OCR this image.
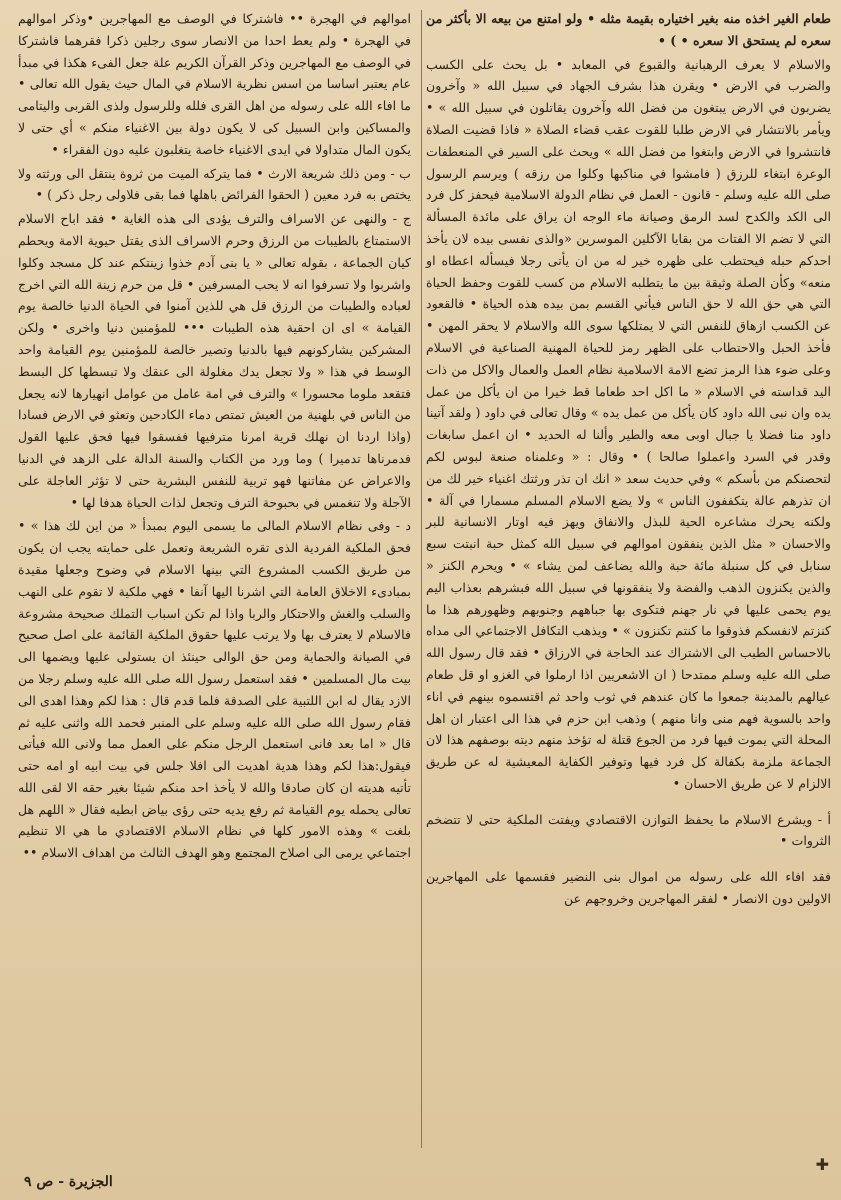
طعام الغير اخذه منه بغير اختياره بقيمة مثله • ولو امتنع من بيعه الا بأكثر من سعره لم يستحق الا سعره • ) •

والاسلام لا يعرف الرهبانية والقبوع في المعابد • بل يحث على الكسب والضرب في الارض • ويقرن هذا بشرف الجهاد في سبيل الله « وآخرون يضربون في الارض يبتغون من فضل الله وآخرون يقاتلون في سبيل الله » • ويأمر بالانتشار في الارض طلبا للقوت عقب قضاء الصلاة « فاذا قضيت الصلاة فانتشروا في الارض وابتغوا من فضل الله » ويحث على السير في المنعطفات الوعرة ابتغاء للرزق ( فامشوا في مناكبها وكلوا من رزقه ) ويرسم الرسول صلى الله عليه وسلم - قانون - العمل في نظام الدولة الاسلامية فيحفز كل فرد الى الكد والكدح لسد الرمق وصيانة ماء الوجه ان يراق على مائدة المسألة التي لا تضم الا الفتات من بقايا الآكلين الموسرين «والذى نفسى بيده لان يأخذ احدكم حبله فيحتطب على ظهره خير له من ان يأتى رجلا فيسأله اعطاه او منعه» وكأن الصلة وثيقة بين ما يتطلبه الاسلام من كسب للقوت وحفظ الحياة التي هي حق الله لا حق الناس فيأتي القسم بمن بيده هذه الحياة • فالقعود عن الكسب ازهاق للنفس التي لا يمتلكها سوى الله والاسلام لا يحقر المهن • فأخذ الحبل والاحتطاب على الظهر رمز للحياة المهنية الصناعية في الاسلام وعلى ضوء هذا الرمز تضع الامة الاسلامية نظام العمل والعمال والاكل من ذات اليد قداسته في الاسلام « ما اكل احد طعاما قط خيرا من ان يأكل من عمل يده وان نبى الله داود كان يأكل من عمل يده » وقال تعالى في داود ( ولقد آتينا داود منا فضلا يا جبال اوبى معه والطير وألنا له الحديد • ان اعمل سابغات وقدر في السرد واعملوا صالحا ) • وقال : « وعلمناه صنعة لبوس لكم لتحصنكم من بأسكم » وفي حديث سعد « انك ان تذر ورثتك اغنياء خير لك من ان تذرهم عالة يتكففون الناس » ولا يضع الاسلام المسلم مسمارا في آلة • ولكنه يحرك مشاعره الحية للبذل والانفاق ويهز فيه اوتار الانسانية للبر والاحسان « مثل الذين ينفقون اموالهم في سبيل الله كمثل حبة انبتت سبع سنابل في كل سنبلة مائة حبة والله يضاعف لمن يشاء » • ويحرم الكنز « والذين يكنزون الذهب والفضة ولا ينفقونها في سبيل الله فبشرهم بعذاب اليم يوم يحمى عليها في نار جهنم فتكوى بها جباههم وجنوبهم وظهورهم هذا ما كنزتم لانفسكم فذوقوا ما كنتم تكنزون » • ويذهب التكافل الاجتماعي الى مداه بالاحساس الطيب الى الاشتراك عند الحاجة في الارزاق • فقد قال رسول الله صلى الله عليه وسلم ممتدحا ( ان الاشعريين اذا ارملوا في الغزو او قل طعام عيالهم بالمدينة جمعوا ما كان عندهم في ثوب واحد ثم اقتسموه بينهم في اناء واحد بالسوية فهم منى وانا منهم ) وذهب ابن حزم في هذا الى اعتبار ان اهل المحلة التي يموت فيها فرد من الجوع قتلة له تؤخذ منهم ديته بوصفهم هذا لان الجماعة ملزمة بكفالة كل فرد فيها وتوفير الكفاية المعيشية له عن طريق الالزام لا عن طريق الاحسان •

أ - ويشرع الاسلام ما يحفظ التوازن الاقتصادي ويفتت الملكية حتى لا تتضخم الثروات •

فقد افاء الله على رسوله من اموال بنى النضير فقسمها على المهاجرين الاولين دون الانصار • لفقر المهاجرين وخروجهم عن

اموالهم في الهجرة •• فاشتركا في الوصف مع المهاجرين •وذكر اموالهم في الهجرة • ولم يعط احدا من الانصار سوى رجلين ذكرا فقرهما فاشتركا في الوصف مع المهاجرين وذكر القرآن الكريم علة جعل الفىء هكذا في مبدأ عام يعتبر اساسا من اسس نظرية الاسلام في المال حيث يقول الله تعالى • ما افاء الله على رسوله من اهل القرى فلله وللرسول ولذى القربى واليتامى والمساكين وابن السبيل كى لا يكون دولة بين الاغنياء منكم » أي حتى لا يكون المال متداولا في ايدى الاغنياء خاصة يتغلبون عليه دون الفقراء •

ب - ومن ذلك شريعة الارث • فما يتركه الميت من ثروة ينتقل الى ورثته ولا يختص به فرد معين ( الحقوا الفرائض باهلها فما بقى فلاولى رجل ذكر ) •

ج - والنهى عن الاسراف والترف يؤدى الى هذه الغاية • فقد اباح الاسلام الاستمتاع بالطيبات من الرزق وحرم الاسراف الذى يقتل حيوية الامة ويحطم كيان الجماعة ، بقوله تعالى « يا بنى آدم خذوا زينتكم عند كل مسجد وكلوا واشربوا ولا تسرفوا انه لا يحب المسرفين • قل من حرم زينة الله التي اخرج لعباده والطيبات من الرزق قل هي للذين آمنوا في الحياة الدنيا خالصة يوم القيامة » اى ان احقية هذه الطيبات ••• للمؤمنين دنيا واخرى • ولكن المشركين يشاركونهم فيها بالدنيا وتصير خالصة للمؤمنين يوم القيامة واحد الوسط في هذا « ولا تجعل يدك مغلولة الى عنقك ولا تبسطها كل البسط فتقعد ملوما محسورا » والترف في امة عامل من عوامل انهيارها لانه يجعل من الناس في بلهنية من العيش تمتص دماء الكادحين وتعثو في الارض فسادا (واذا اردنا ان نهلك قرية امرنا مترفيها ففسقوا فيها فحق عليها القول فدمرناها تدميرا ) وما ورد من الكتاب والسنة الدالة على الزهد في الدنيا والاعراض عن مفاتنها فهو تربية للنفس البشرية حتى لا تؤثر العاجلة على الآجلة ولا تنغمس في بحبوحة الترف وتجعل لذات الحياة هدفا لها •

د - وفى نظام الاسلام المالى ما يسمى اليوم بمبدأ « من اين لك هذا » • فحق الملكية الفردية الذى تقره الشريعة وتعمل على حمايته يجب ان يكون من طريق الكسب المشروع التي بينها الاسلام في وضوح وجعلها مقيدة بمبادىء الاخلاق العامة التي اشرنا اليها آنفا • فهي ملكية لا تقوم على النهب والسلب والغش والاحتكار والربا واذا لم تكن اسباب التملك صحيحة مشروعة فالاسلام لا يعترف بها ولا يرتب عليها حقوق الملكية القائمة على اصل صحيح في الصيانة والحماية ومن حق الوالى حينئذ ان يستولى عليها ويضمها الى بيت مال المسلمين • فقد استعمل رسول الله صلى الله عليه وسلم رجلا من الازد يقال له ابن اللتبية على الصدقة فلما قدم قال : هذا لكم وهذا اهدى الى فقام رسول الله صلى الله عليه وسلم على المنبر فحمد الله واثنى عليه ثم قال « اما بعد فانى استعمل الرجل منكم على العمل مما ولانى الله فيأتى فيقول:هذا لكم وهذا هدية اهديت الى افلا جلس في بيت ابيه او امه حتى تأتيه هديته ان كان صادقا والله لا يأخذ احد منكم شيئا بغير حقه الا لقى الله تعالى يحمله يوم القيامة ثم رفع يديه حتى رؤى بياض ابطيه فقال « اللهم هل بلغت » وهذه الامور كلها في نظام الاسلام الاقتصادي ما هي الا تنظيم اجتماعي يرمى الى اصلاح المجتمع وهو الهدف الثالث من اهداف الاسلام ••

الجزيرة - ص ٩
✚
